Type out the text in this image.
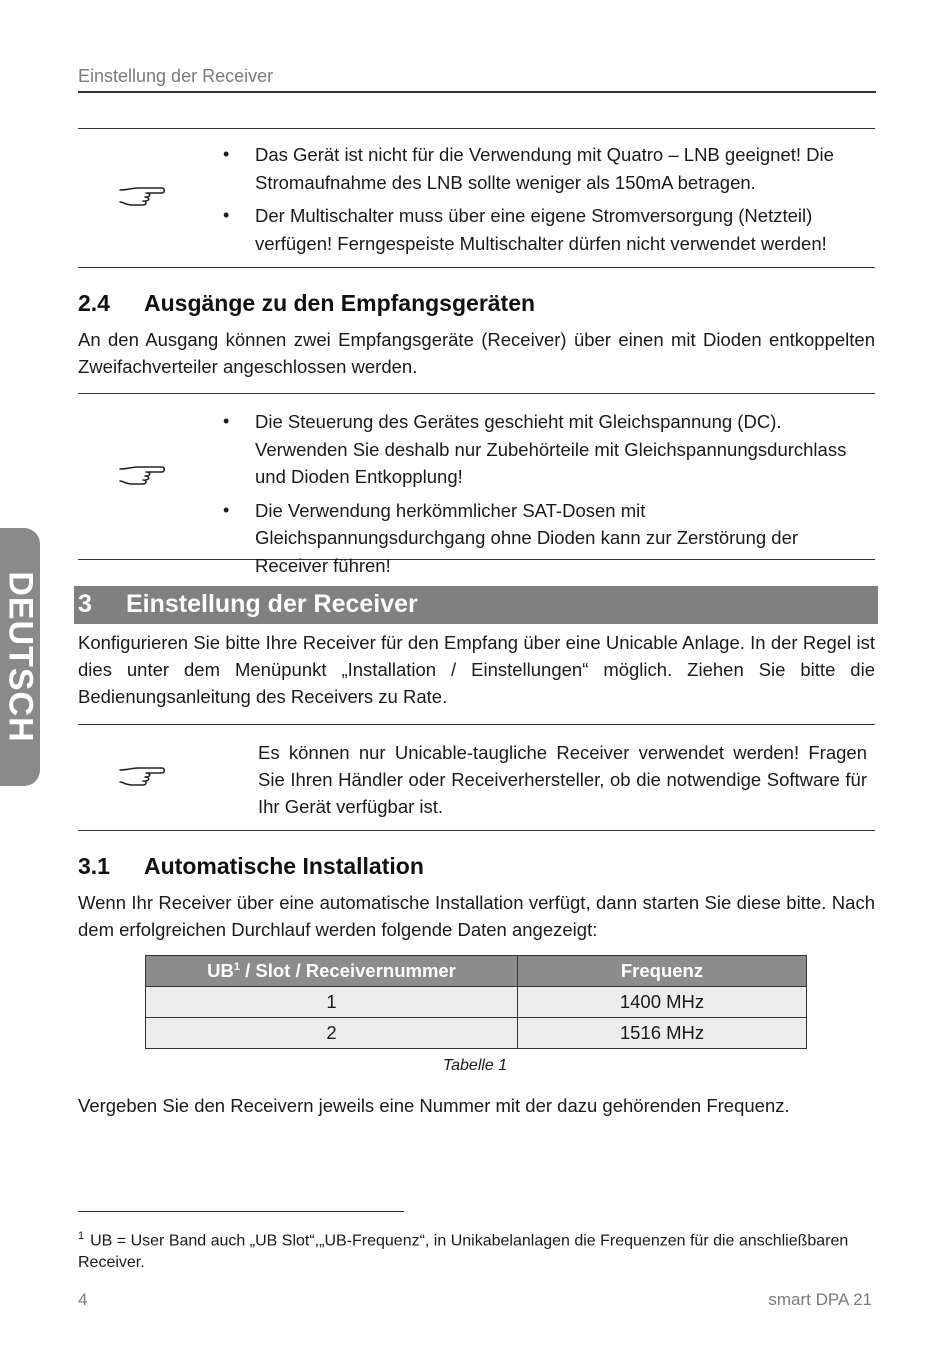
Einstellung der Receiver
DEUTSCH
• Das Gerät ist nicht für die Verwendung mit Quatro – LNB geeignet! Die Stromaufnahme des LNB sollte weniger als 150mA betragen.
• Der Multischalter muss über eine eigene Stromversorgung (Netzteil) verfügen! Ferngespeiste Multischalter dürfen nicht verwendet werden!
2.4 Ausgänge zu den Empfangsgeräten

An den Ausgang können zwei Empfangsgeräte (Receiver) über einen mit Dioden entkoppelten Zweifachverteiler angeschlossen werden.

• Die Steuerung des Gerätes geschieht mit Gleichspannung (DC). Verwenden Sie deshalb nur Zubehörteile mit Gleichspannungsdurchlass und Dioden Entkopplung!
• Die Verwendung herkömmlicher SAT-Dosen mit Gleichspannungsdurchgang ohne Dioden kann zur Zerstörung der Receiver führen!
3 Einstellung der Receiver

Konfigurieren Sie bitte Ihre Receiver für den Empfang über eine Unicable Anlage. In der Regel ist dies unter dem Menüpunkt „Installation / Einstellungen“ möglich. Ziehen Sie bitte die Bedienungsanleitung des Receivers zu Rate.

Es können nur Unicable-taugliche Receiver verwendet werden! Fragen Sie Ihren Händler oder Receiverhersteller, ob die notwendige Software für Ihr Gerät verfügbar ist.
3.1 Automatische Installation

Wenn Ihr Receiver über eine automatische Installation verfügt, dann starten Sie diese bitte. Nach dem erfolgreichen Durchlauf werden folgende Daten angezeigt:

$UB^1$ / Slot / Receivernummer	Frequenz
1	1400 MHz
2	1516 MHz
Tabelle 1

Vergeben Sie den Receivern jeweils eine Nummer mit der dazu gehörenden Frequenz.

$^1$ UB = User Band auch „UB Slot“,„UB-Frequenz“, in Unikabelanlagen die Frequenzen für die anschließbaren Receiver.
4	smart DPA 21
